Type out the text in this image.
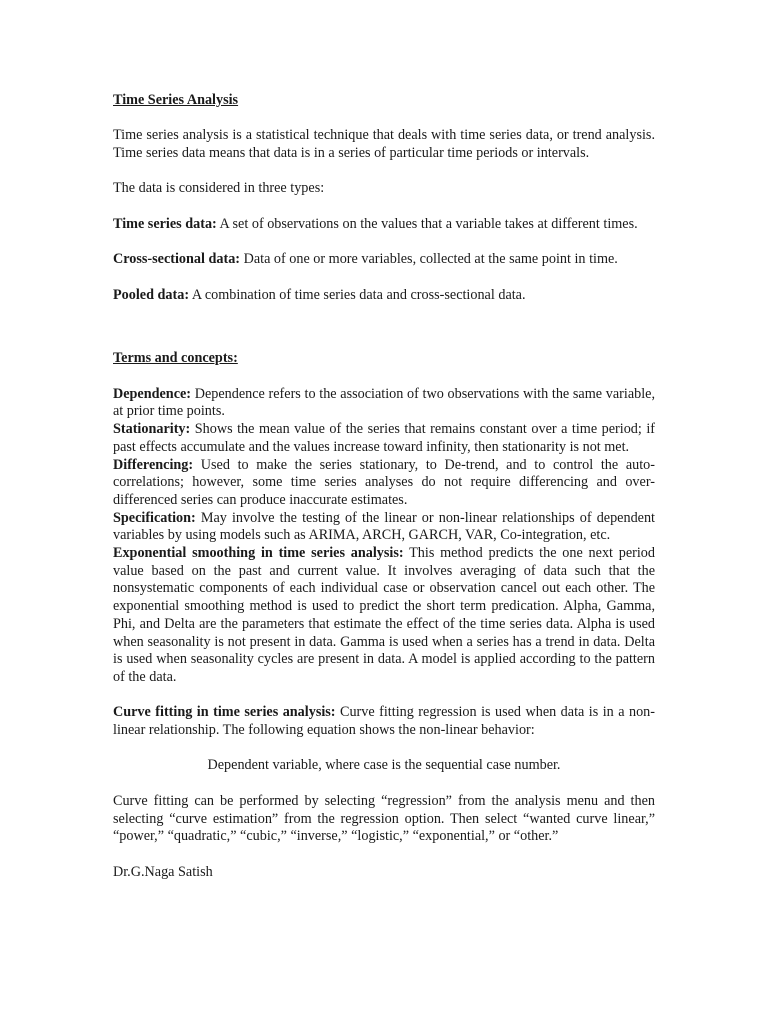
Time Series Analysis

Time series analysis is a statistical technique that deals with time series data, or trend analysis. Time series data means that data is in a series of particular time periods or intervals.

The data is considered in three types:

Time series data: A set of observations on the values that a variable takes at different times.

Cross-sectional data: Data of one or more variables, collected at the same point in time.

Pooled data: A combination of time series data and cross-sectional data.

Terms and concepts:

Dependence: Dependence refers to the association of two observations with the same variable, at prior time points.

Stationarity: Shows the mean value of the series that remains constant over a time period; if past effects accumulate and the values increase toward infinity, then stationarity is not met.

Differencing: Used to make the series stationary, to De-trend, and to control the auto-correlations; however, some time series analyses do not require differencing and over-differenced series can produce inaccurate estimates.

Specification: May involve the testing of the linear or non-linear relationships of dependent variables by using models such as ARIMA, ARCH, GARCH, VAR, Co-integration, etc.

Exponential smoothing in time series analysis: This method predicts the one next period value based on the past and current value. It involves averaging of data such that the nonsystematic components of each individual case or observation cancel out each other. The exponential smoothing method is used to predict the short term predication. Alpha, Gamma, Phi, and Delta are the parameters that estimate the effect of the time series data. Alpha is used when seasonality is not present in data. Gamma is used when a series has a trend in data. Delta is used when seasonality cycles are present in data. A model is applied according to the pattern of the data.

Curve fitting in time series analysis: Curve fitting regression is used when data is in a non-linear relationship. The following equation shows the non-linear behavior:

Dependent variable, where case is the sequential case number.

Curve fitting can be performed by selecting “regression” from the analysis menu and then selecting “curve estimation” from the regression option. Then select “wanted curve linear,” “power,” “quadratic,” “cubic,” “inverse,” “logistic,” “exponential,” or “other.”

Dr.G.Naga Satish
